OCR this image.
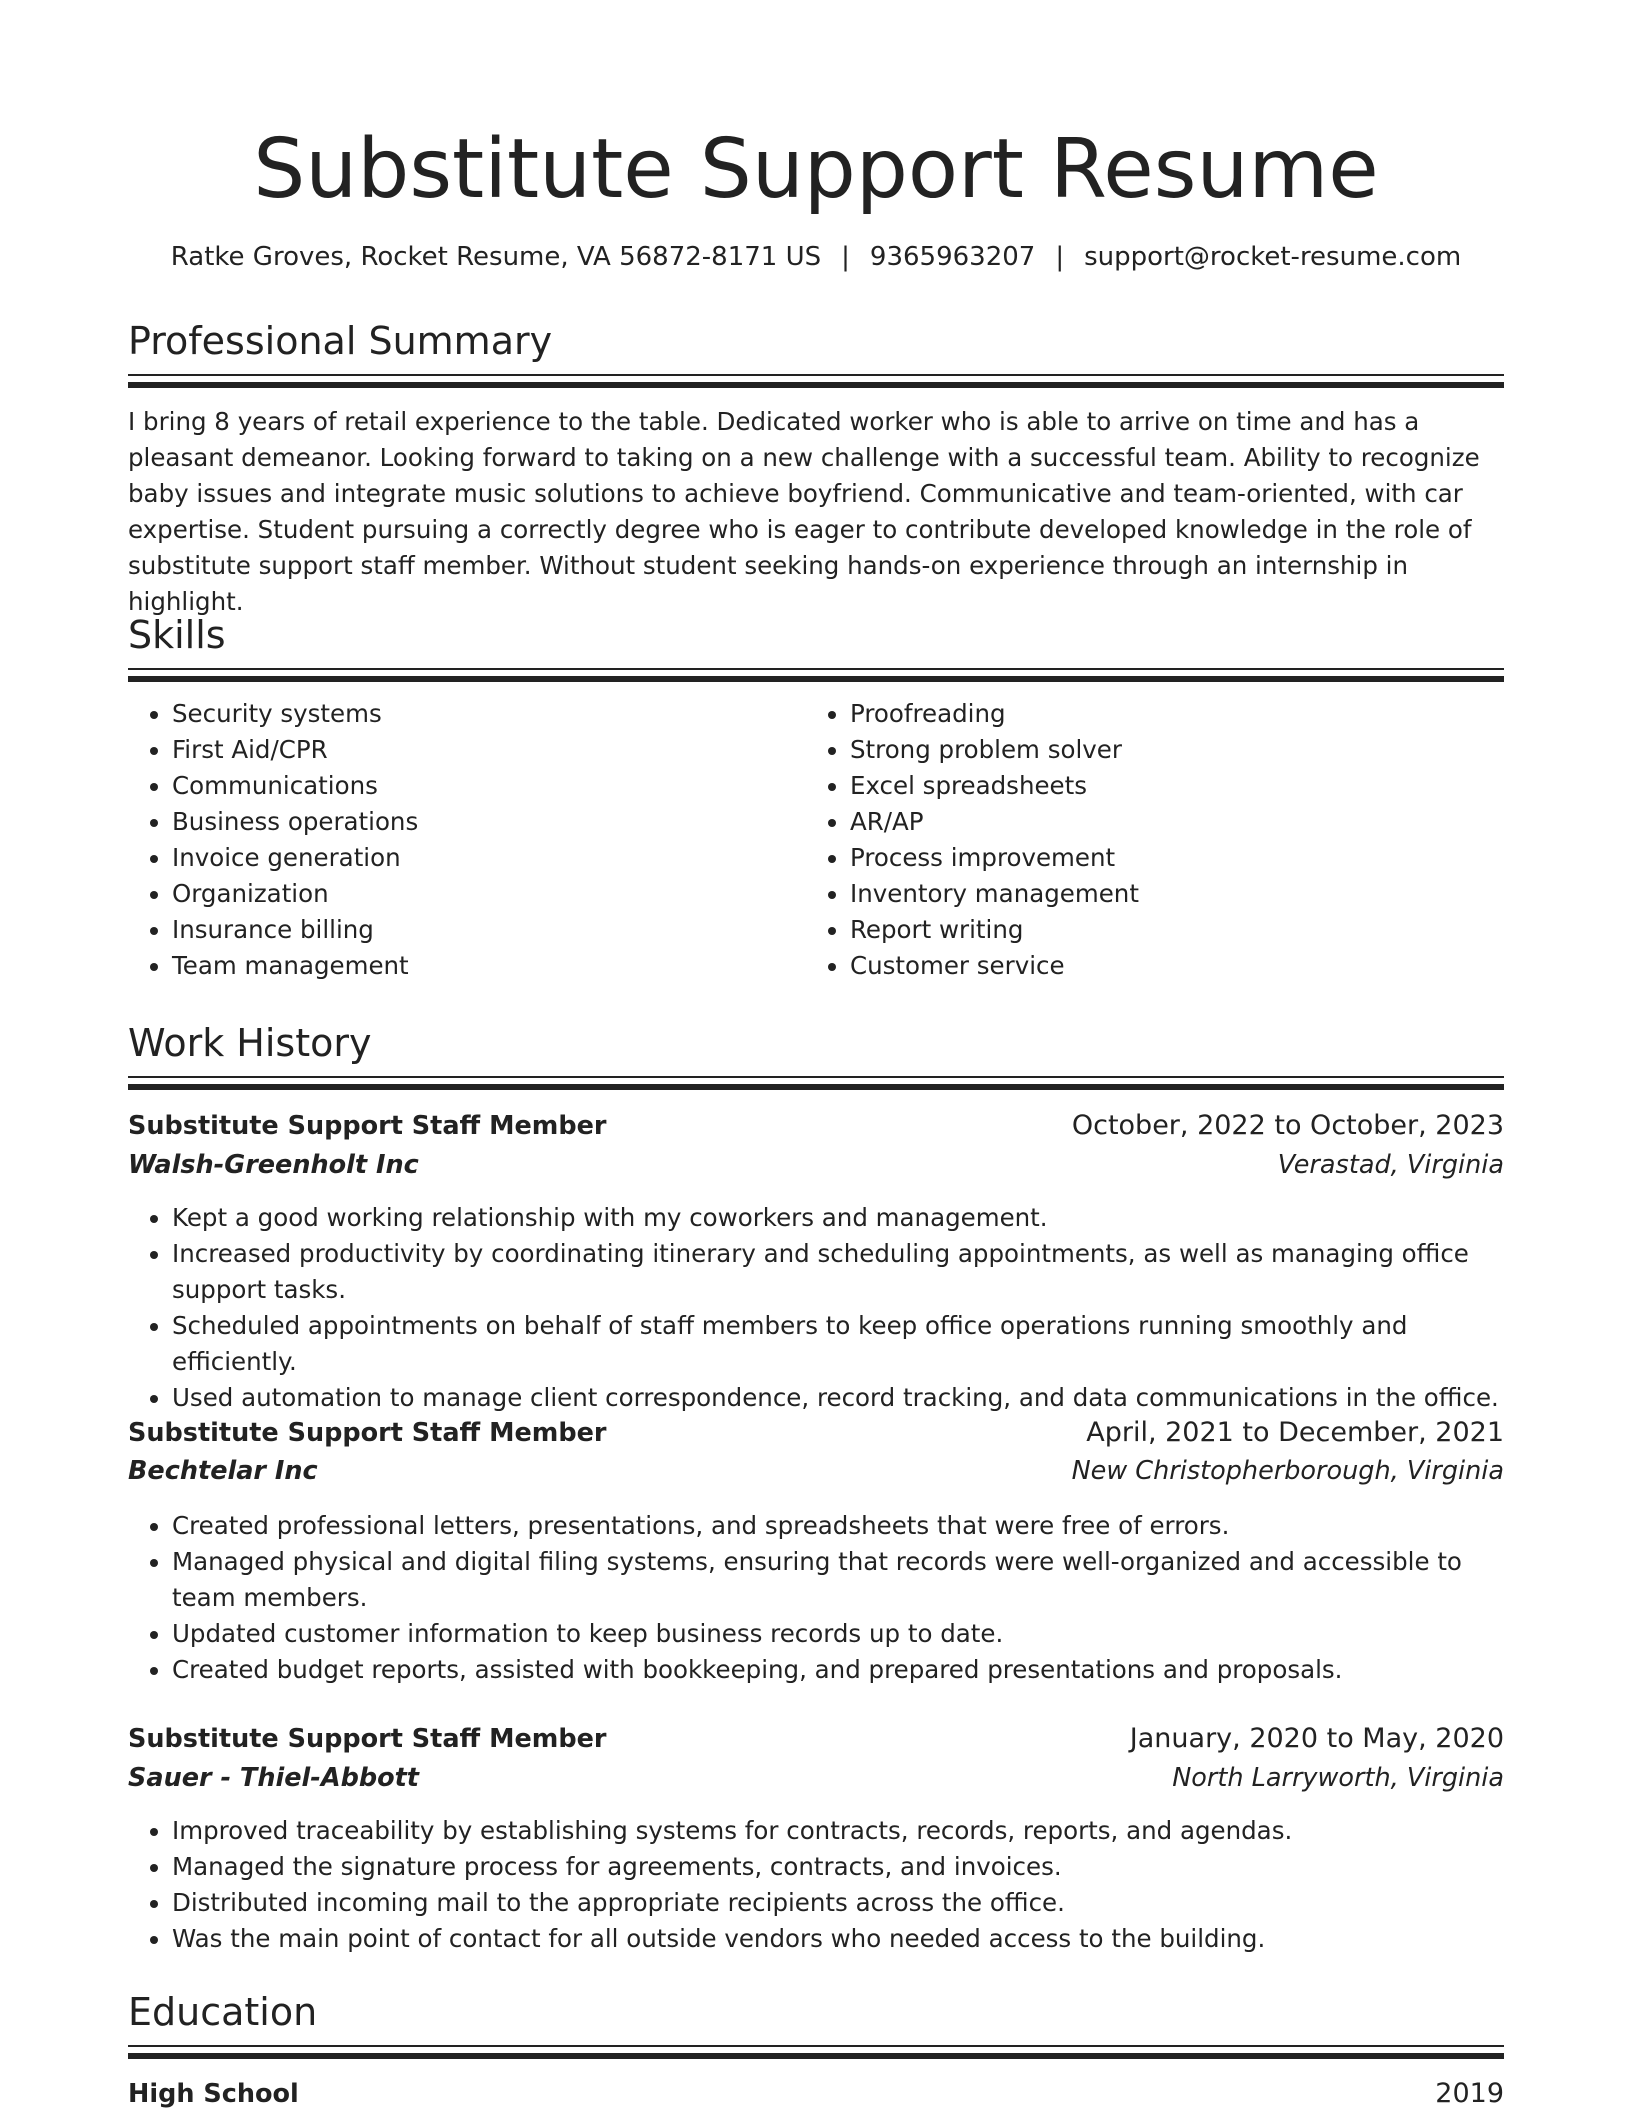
Substitute Support Resume
Ratke Groves, Rocket Resume, VA 56872-8171 US | 9365963207 | support@rocket-resume.com
Professional Summary
I bring 8 years of retail experience to the table. Dedicated worker who is able to arrive on time and has a pleasant demeanor. Looking forward to taking on a new challenge with a successful team. Ability to recognize baby issues and integrate music solutions to achieve boyfriend. Communicative and team-oriented, with car expertise. Student pursuing a correctly degree who is eager to contribute developed knowledge in the role of substitute support staff member. Without student seeking hands-on experience through an internship in highlight.
Skills
• Security systems
• First Aid/CPR
• Communications
• Business operations
• Invoice generation
• Organization
• Insurance billing
• Team management
• Proofreading
• Strong problem solver
• Excel spreadsheets
• AR/AP
• Process improvement
• Inventory management
• Report writing
• Customer service
Work History
Substitute Support Staff Member	October, 2022 to October, 2023
Walsh-Greenholt Inc	Verastad, Virginia
• Kept a good working relationship with my coworkers and management.
• Increased productivity by coordinating itinerary and scheduling appointments, as well as managing office support tasks.
• Scheduled appointments on behalf of staff members to keep office operations running smoothly and efficiently.
• Used automation to manage client correspondence, record tracking, and data communications in the office.
Substitute Support Staff Member	April, 2021 to December, 2021
Bechtelar Inc	New Christopherborough, Virginia
• Created professional letters, presentations, and spreadsheets that were free of errors.
• Managed physical and digital filing systems, ensuring that records were well-organized and accessible to team members.
• Updated customer information to keep business records up to date.
• Created budget reports, assisted with bookkeeping, and prepared presentations and proposals.
Substitute Support Staff Member	January, 2020 to May, 2020
Sauer - Thiel-Abbott	North Larryworth, Virginia
• Improved traceability by establishing systems for contracts, records, reports, and agendas.
• Managed the signature process for agreements, contracts, and invoices.
• Distributed incoming mail to the appropriate recipients across the office.
• Was the main point of contact for all outside vendors who needed access to the building.
Education
High School	2019
